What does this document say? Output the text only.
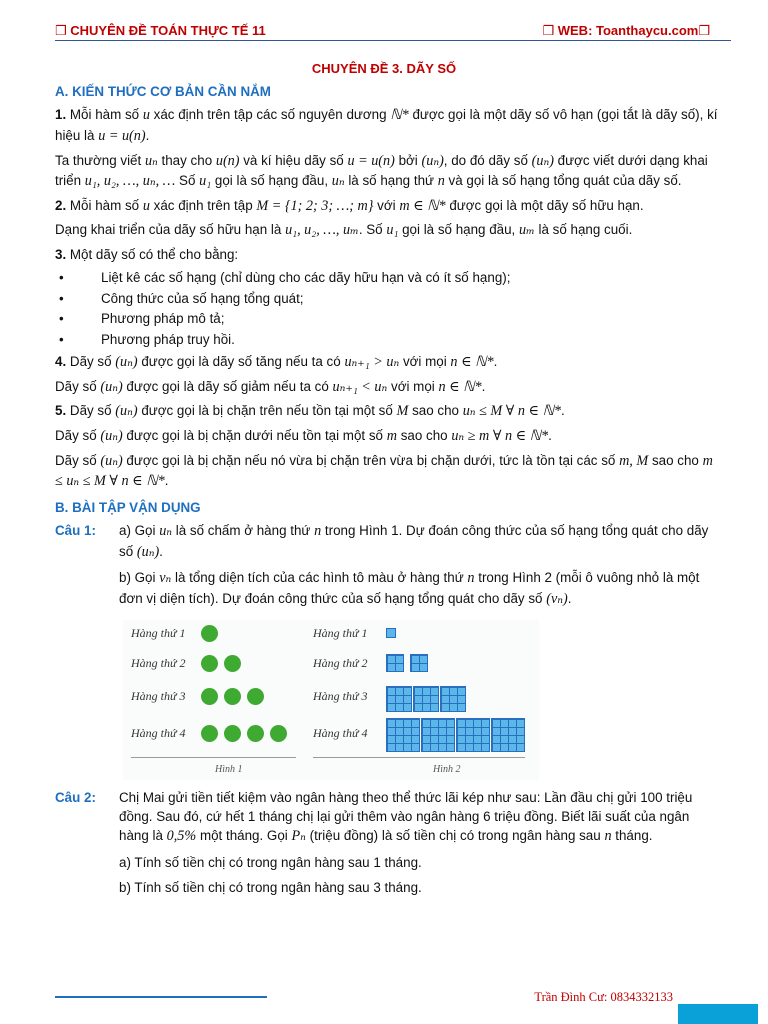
❒ CHUYÊN ĐỀ TOÁN THỰC TẾ 11	❒ WEB: Toanthaycu.com❒
CHUYÊN ĐỀ 3. DÃY SỐ
A. KIẾN THỨC CƠ BẢN CẦN NẮM

1. Mỗi hàm số u xác định trên tập các số nguyên dương ℕ* được gọi là một dãy số vô hạn (gọi tắt là dãy số), kí hiệu là u = u(n).

Ta thường viết uₙ thay cho u(n) và kí hiệu dãy số u = u(n) bởi (uₙ), do đó dãy số (uₙ) được viết dưới dạng khai triển u₁, u₂, …, uₙ, … Số u₁ gọi là số hạng đầu, uₙ là số hạng thứ n và gọi là số hạng tổng quát của dãy số.

2. Mỗi hàm số u xác định trên tập M = {1; 2; 3; …; m} với m ∈ ℕ* được gọi là một dãy số hữu hạn.

Dạng khai triển của dãy số hữu hạn là u₁, u₂, …, uₘ. Số u₁ gọi là số hạng đầu, uₘ là số hạng cuối.

3. Một dãy số có thể cho bằng:

• Liệt kê các số hạng (chỉ dùng cho các dãy hữu hạn và có ít số hạng);
• Công thức của số hạng tổng quát;
• Phương pháp mô tả;
• Phương pháp truy hồi.

4. Dãy số (uₙ) được gọi là dãy số tăng nếu ta có uₙ₊₁ > uₙ với mọi n ∈ ℕ*.

Dãy số (uₙ) được gọi là dãy số giảm nếu ta có uₙ₊₁ < uₙ với mọi n ∈ ℕ*.

5. Dãy số (uₙ) được gọi là bị chặn trên nếu tồn tại một số M sao cho uₙ ≤ M ∀ n ∈ ℕ*.

Dãy số (uₙ) được gọi là bị chặn dưới nếu tồn tại một số m sao cho uₙ ≥ m ∀ n ∈ ℕ*.

Dãy số (uₙ) được gọi là bị chặn nếu nó vừa bị chặn trên vừa bị chặn dưới, tức là tồn tại các số m, M sao cho m ≤ uₙ ≤ M ∀ n ∈ ℕ*.

B. BÀI TẬP VẬN DỤNG
Câu 1:	a) Gọi uₙ là số chấm ở hàng thứ n trong Hình 1. Dự đoán công thức của số hạng tổng quát cho dãy số (uₙ).

b) Gọi vₙ là tổng diện tích của các hình tô màu ở hàng thứ n trong Hình 2 (mỗi ô vuông nhỏ là một đơn vị diện tích). Dự đoán công thức của số hạng tổng quát cho dãy số (vₙ).

Hàng thứ 1
Hàng thứ 2
Hàng thứ 3
Hàng thứ 4
Hàng thứ 1
Hàng thứ 2
Hàng thứ 3
Hàng thứ 4
Hình 1	Hình 2
Câu 2:	Chị Mai gửi tiền tiết kiệm vào ngân hàng theo thể thức lãi kép như sau: Lần đầu chị gửi 100 triệu đồng. Sau đó, cứ hết 1 tháng chị lại gửi thêm vào ngân hàng 6 triệu đồng. Biết lãi suất của ngân hàng là 0,5% một tháng. Gọi Pₙ (triệu đồng) là số tiền chị có trong ngân hàng sau n tháng.

a) Tính số tiền chị có trong ngân hàng sau 1 tháng.

b) Tính số tiền chị có trong ngân hàng sau 3 tháng.

Trần Đình Cư: 0834332133
